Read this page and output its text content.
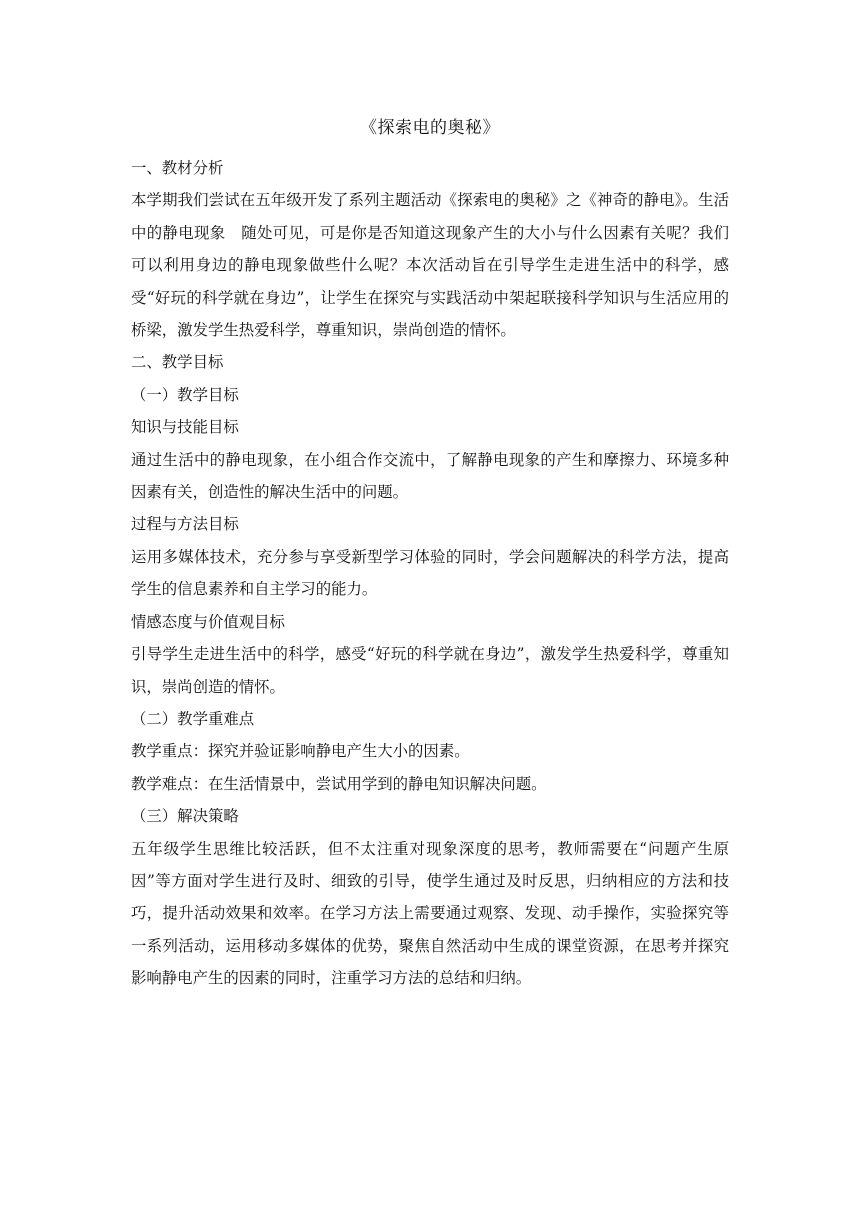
《探索电的奥秘》

一、教材分析

本学期我们尝试在五年级开发了系列主题活动《探索电的奥秘》之《神奇的静电》。生活中的静电现象　随处可见，可是你是否知道这现象产生的大小与什么因素有关呢？我们可以利用身边的静电现象做些什么呢？本次活动旨在引导学生走进生活中的科学，感受“好玩的科学就在身边”，让学生在探究与实践活动中架起联接科学知识与生活应用的桥梁，激发学生热爱科学，尊重知识，崇尚创造的情怀。

二、教学目标

（一）教学目标

知识与技能目标

通过生活中的静电现象，在小组合作交流中，了解静电现象的产生和摩擦力、环境多种因素有关，创造性的解决生活中的问题。

过程与方法目标

运用多媒体技术，充分参与享受新型学习体验的同时，学会问题解决的科学方法，提高学生的信息素养和自主学习的能力。

情感态度与价值观目标

引导学生走进生活中的科学，感受“好玩的科学就在身边”，激发学生热爱科学，尊重知识，崇尚创造的情怀。

（二）教学重难点

教学重点：探究并验证影响静电产生大小的因素。

教学难点：在生活情景中，尝试用学到的静电知识解决问题。

（三）解决策略

五年级学生思维比较活跃，但不太注重对现象深度的思考，教师需要在“问题产生原因”等方面对学生进行及时、细致的引导，使学生通过及时反思，归纳相应的方法和技巧，提升活动效果和效率。在学习方法上需要通过观察、发现、动手操作，实验探究等一系列活动，运用移动多媒体的优势，聚焦自然活动中生成的课堂资源，在思考并探究影响静电产生的因素的同时，注重学习方法的总结和归纳。
